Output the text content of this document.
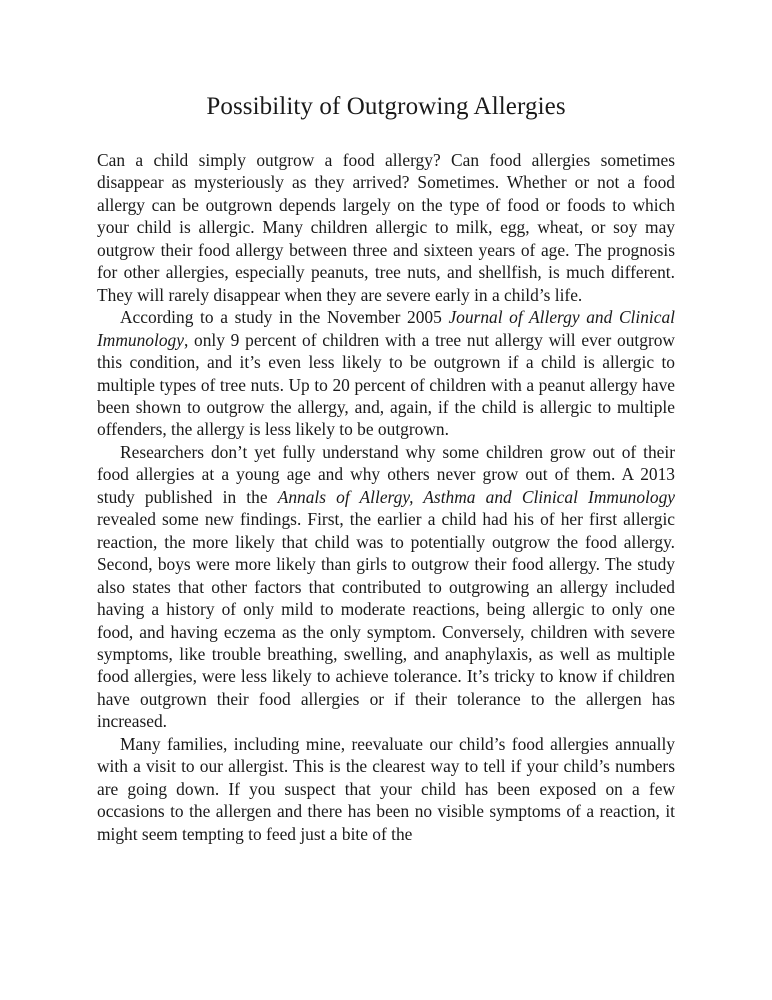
Possibility of Outgrowing Allergies

Can a child simply outgrow a food allergy? Can food allergies sometimes disappear as mysteriously as they arrived? Sometimes. Whether or not a food allergy can be outgrown depends largely on the type of food or foods to which your child is allergic. Many children allergic to milk, egg, wheat, or soy may outgrow their food allergy between three and sixteen years of age. The prognosis for other allergies, especially peanuts, tree nuts, and shellfish, is much different. They will rarely disappear when they are severe early in a child’s life.

According to a study in the November 2005 Journal of Allergy and Clinical Immunology, only 9 percent of children with a tree nut allergy will ever outgrow this condition, and it’s even less likely to be outgrown if a child is allergic to multiple types of tree nuts. Up to 20 percent of children with a peanut allergy have been shown to outgrow the allergy, and, again, if the child is allergic to multiple offenders, the allergy is less likely to be outgrown.

Researchers don’t yet fully understand why some children grow out of their food allergies at a young age and why others never grow out of them. A 2013 study published in the Annals of Allergy, Asthma and Clinical Immunology revealed some new findings. First, the earlier a child had his of her first allergic reaction, the more likely that child was to potentially outgrow the food allergy. Second, boys were more likely than girls to outgrow their food allergy. The study also states that other factors that contributed to outgrowing an allergy included having a history of only mild to moderate reactions, being allergic to only one food, and having eczema as the only symptom. Conversely, children with severe symptoms, like trouble breathing, swelling, and anaphylaxis, as well as multiple food allergies, were less likely to achieve tolerance. It’s tricky to know if children have outgrown their food allergies or if their tolerance to the allergen has increased.

Many families, including mine, reevaluate our child’s food allergies annually with a visit to our allergist. This is the clearest way to tell if your child’s numbers are going down. If you suspect that your child has been exposed on a few occasions to the allergen and there has been no visible symptoms of a reaction, it might seem tempting to feed just a bite of the
